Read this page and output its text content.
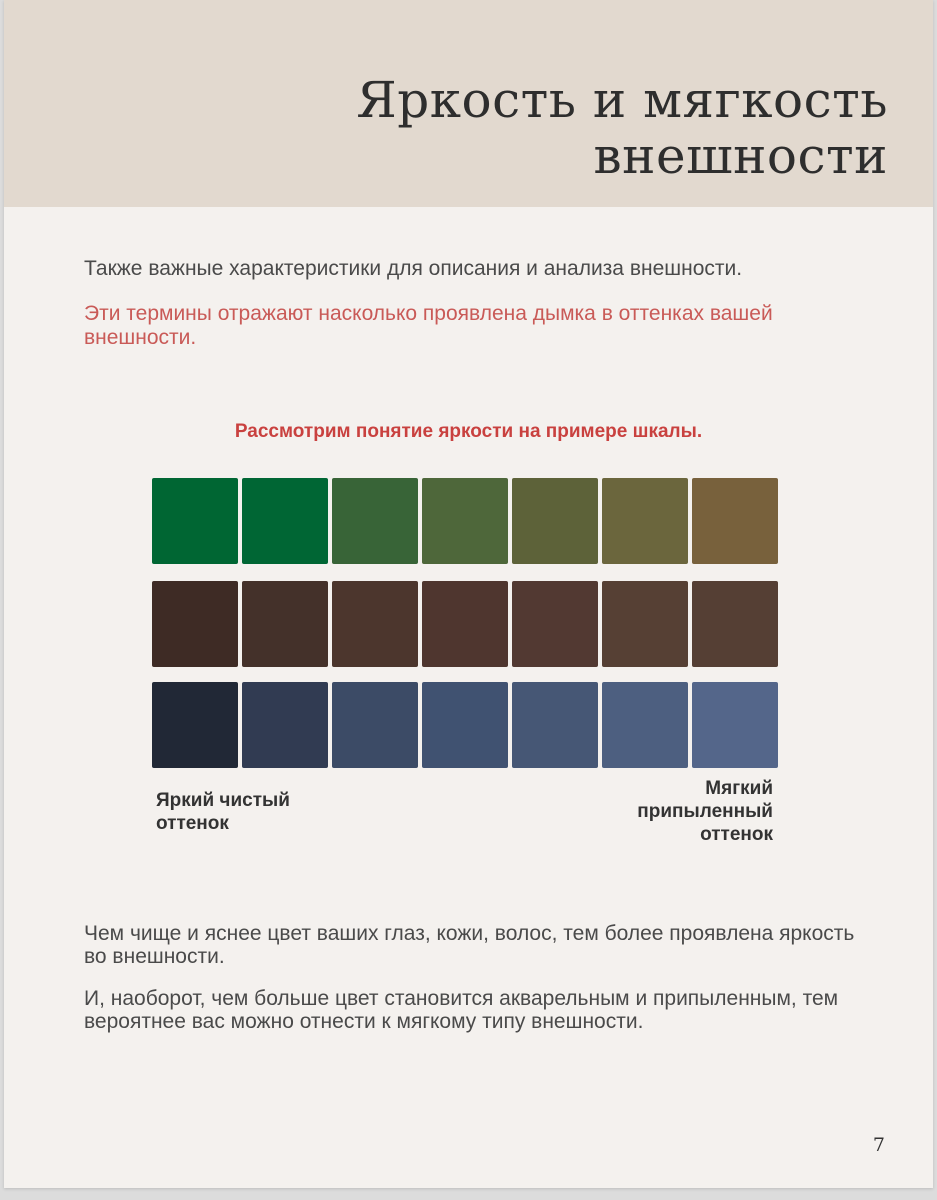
Яркость и мягкость
внешности

Также важные характеристики для описания и анализа внешности.

Эти термины отражают насколько проявлена дымка в оттенках вашей внешности.

Рассмотрим понятие яркости на примере шкалы.
Яркий чистый
оттенок
Мягкий
припыленный
оттенок

Чем чище и яснее цвет ваших глаз, кожи, волос, тем более проявлена яркость во внешности.

И, наоборот, чем больше цвет становится акварельным и припыленным, тем вероятнее вас можно отнести к мягкому типу внешности.

7
